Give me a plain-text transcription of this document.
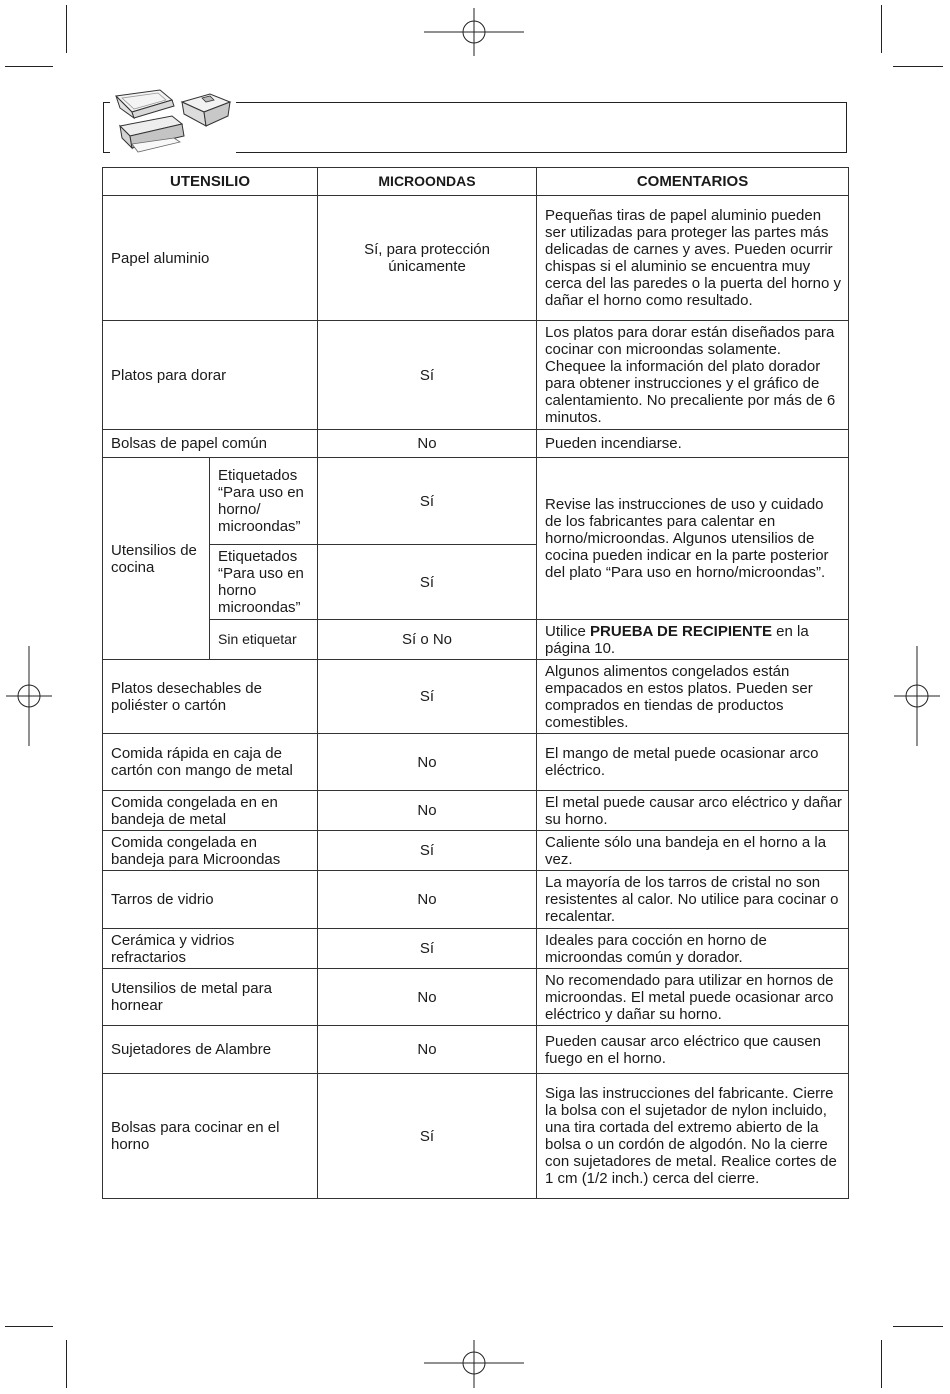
UTENSILIO		MICROONDAS	COMENTARIOS
Papel aluminio		Sí, para protección únicamente	Pequeñas tiras de papel aluminio pueden ser utilizadas para proteger las partes más delicadas de carnes y aves. Pueden ocurrir chispas si el aluminio se encuentra muy cerca del las paredes o la puerta del horno y dañar el horno como resultado.
Platos para dorar		Sí	Los platos para dorar están diseñados para cocinar con microondas solamente. Chequee la información del plato dorador para obtener instrucciones y el gráfico de calentamiento. No precaliente por más de 6 minutos.
Bolsas de papel común		No	Pueden incendiarse.
Utensilios de cocina	Etiquetados “Para uso en horno/ microondas”	Sí	Revise las instrucciones de uso y cuidado de los fabricantes para calentar en horno/microondas. Algunos utensilios de cocina pueden indicar en la parte posterior del plato “Para uso en horno/microondas”.
	Etiquetados “Para uso en horno microondas”	Sí	
	Sin etiquetar	Sí o No	Utilice PRUEBA DE RECIPIENTE en la página 10.
Platos desechables de poliéster o cartón		Sí	Algunos alimentos congelados están empacados en estos platos. Pueden ser comprados en tiendas de productos comestibles.
Comida rápida en caja de cartón con mango de metal		No	El mango de metal puede ocasionar arco eléctrico.
Comida congelada en en bandeja de metal		No	El metal puede causar arco eléctrico y dañar su horno.
Comida congelada en bandeja para Microondas		Sí	Caliente sólo una bandeja en el horno a la vez.
Tarros de vidrio		No	La mayoría de los tarros de cristal no son resistentes al calor. No utilice para cocinar o recalentar.
Cerámica y vidrios refractarios		Sí	Ideales para cocción en horno de microondas común y dorador.
Utensilios de metal para hornear		No	No recomendado para utilizar en hornos de microondas. El metal puede ocasionar arco eléctrico y dañar su horno.
Sujetadores de Alambre		No	Pueden causar arco eléctrico que causen fuego en el horno.
Bolsas para cocinar en el horno		Sí	Siga las instrucciones del fabricante. Cierre la bolsa con el sujetador de nylon incluido, una tira cortada del extremo abierto de la bolsa o un cordón de algodón. No la cierre con sujetadores de metal. Realice cortes de 1 cm (1/2 inch.) cerca del cierre.
